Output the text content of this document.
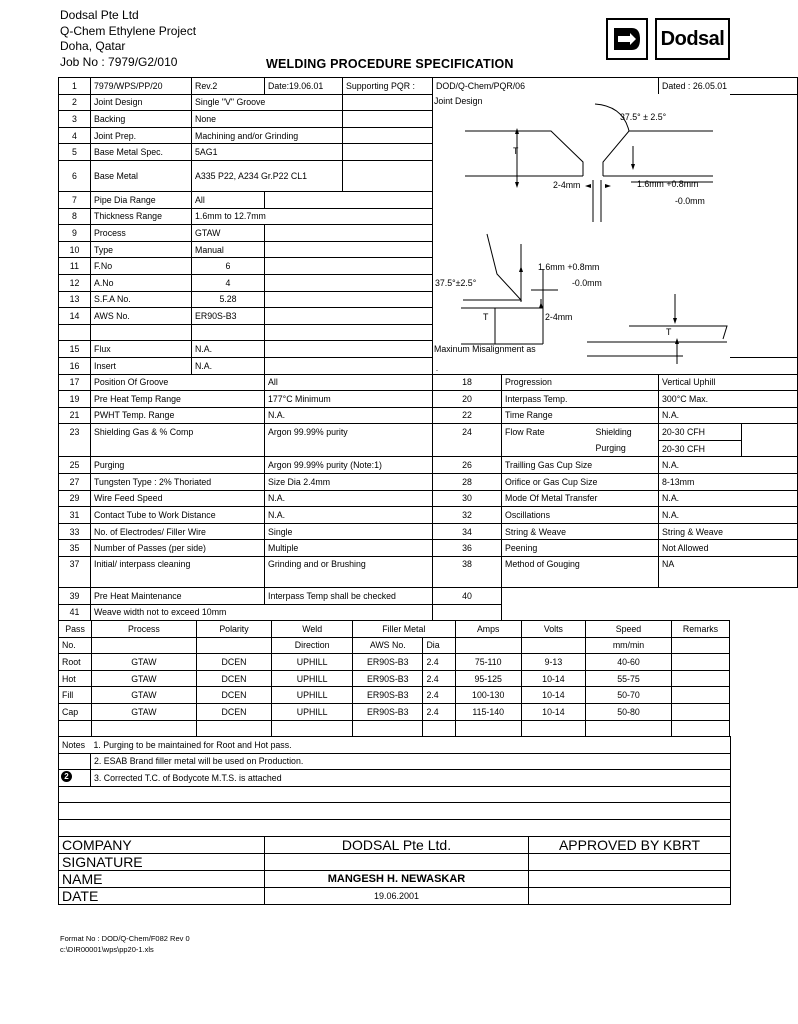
Dodsal Pte Ltd
Q-Chem Ethylene Project
Doha, Qatar
Job No : 7979/G2/010	WELDING PROCEDURE SPECIFICATION
Dodsal
1	7979/WPS/PP/20	Rev.2	Date:19.06.01	Supporting PQR :	DOD/Q-Chem/PQR/06			Dated : 26.05.01	
2	Joint Design	Single "V" Groove							
3	Backing	None							
4	Joint Prep.	Machining and/or Grinding							
5	Base Metal Spec.	5AG1							
6	Base Metal	A335 P22, A234 Gr.P22 CL1							
7	Pipe Dia Range	All							
8	Thickness Range	1.6mm to 12.7mm							
9	Process	GTAW							
10	Type	Manual							
11	F.No	6							
12	A.No	4							
13	S.F.A No.	5.28							
14	AWS No.	ER90S-B3							

15	Flux	N.A.							
16	Insert	N.A.		
17	Position Of Groove		All		18	Progression		Vertical Uphill	
19	Pre Heat Temp Range		177°C Minimum		20	Interpass Temp.		300°C Max.	
21	PWHT Temp. Range		N.A.		22	Time Range		N.A.	
23	Shielding Gas & % Comp		Argon 99.99% purity		24	Flow Rate	Shielding	20-30 CFH	
							Purging	20-30 CFH	
25	Purging		Argon 99.99% purity (Note:1)		26	Trailling Gas Cup Size		N.A.	
27	Tungsten Type : 2% Thoriated		Size Dia 2.4mm		28	Orifice or Gas Cup Size		8-13mm	
29	Wire Feed Speed		N.A.		30	Mode Of Metal Transfer		N.A.	
31	Contact Tube to Work Distance		N.A.		32	Oscillations		N.A.	
33	No. of Electrodes/ Filler Wire		Single		34	String & Weave		String & Weave	
35	Number of Passes (per side)		Multiple		36	Peening		Not Allowed	
37	Initial/ interpass cleaning		Grinding and or Brushing		38	Method of Gouging		NA	
39	Pre Heat Maintenance		Interpass Temp shall be checked		40				
41	Weave width not to exceed 10mm								
Pass	Process	Polarity	Weld	Filler Metal		Amps	Volts	Speed	Remarks
No.			Direction	AWS No.	Dia			mm/min	
Root	GTAW	DCEN	UPHILL	ER90S-B3	2.4	75-110	9-13	40-60	
Hot	GTAW	DCEN	UPHILL	ER90S-B3	2.4	95-125	10-14	55-75	
Fill	GTAW	DCEN	UPHILL	ER90S-B3	2.4	100-130	10-14	50-70	
Cap	GTAW	DCEN	UPHILL	ER90S-B3	2.4	115-140	10-14	50-80	

Notes	1. Purging to be maintained for Root and Hot pass.
	2. ESAB Brand filler metal will be used on Production.
	3. Corrected T.C. of Bodycote M.T.S. is attached

2
COMPANY	DODSAL Pte Ltd.	APPROVED BY KBRT
SIGNATURE		
NAME	MANGESH H. NEWASKAR	
DATE	19.06.2001	
Joint Design
37.5° ± 2.5°
T
2-4mm	1.6mm +0.8mm
-0.0mm
1.6mm +0.8mm
-0.0mm
37.5°±2.5°
T	2-4mm
T
Maxinum Misalignment as
Format No : DOD/Q-Chem/F082 Rev 0
c:\DIR00001\wps\pp20-1.xls
